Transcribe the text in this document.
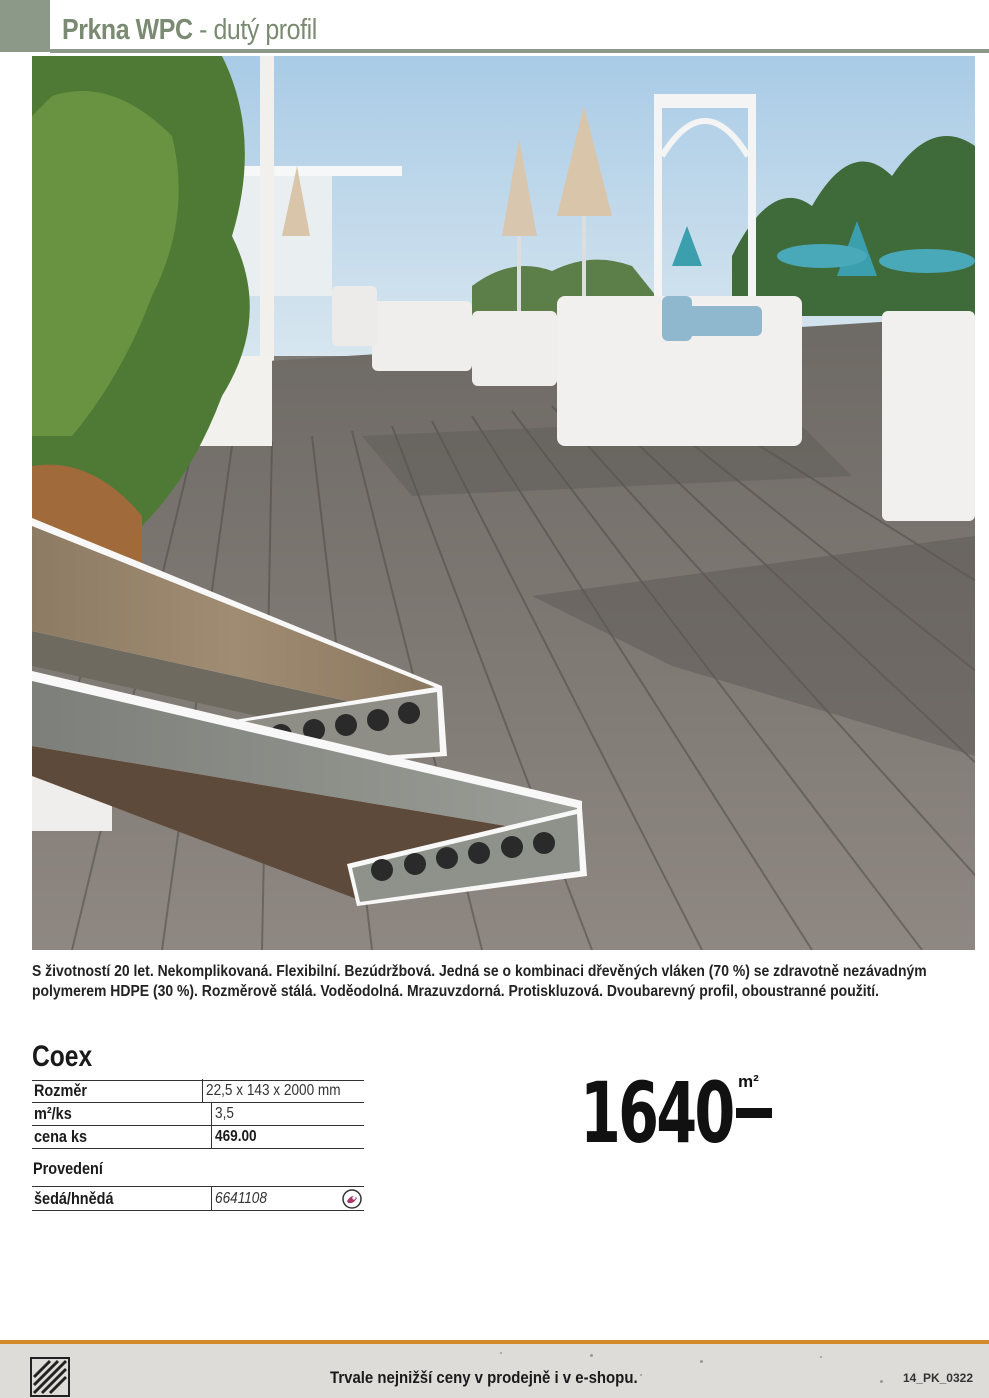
Prkna WPC - dutý profil
S životností 20 let. Nekomplikovaná. Flexibilní. Bezúdržbová. Jedná se o kombinaci dřevěných vláken (70 %) se zdravotně nezávadným polymerem HDPE (30 %). Rozměrově stálá. Voděodolná. Mrazuvzdorná. Protiskluzová. Dvoubarevný profil, oboustranné použití.
Coex
Rozměr	22,5 x 143 x 2000 mm
m²/ks	3,5
cena ks	469.00
Provedení
šedá/hnědá	6641108
1640 m²
Trvale nejnižší ceny v prodejně i v e-shopu.	14_PK_0322
